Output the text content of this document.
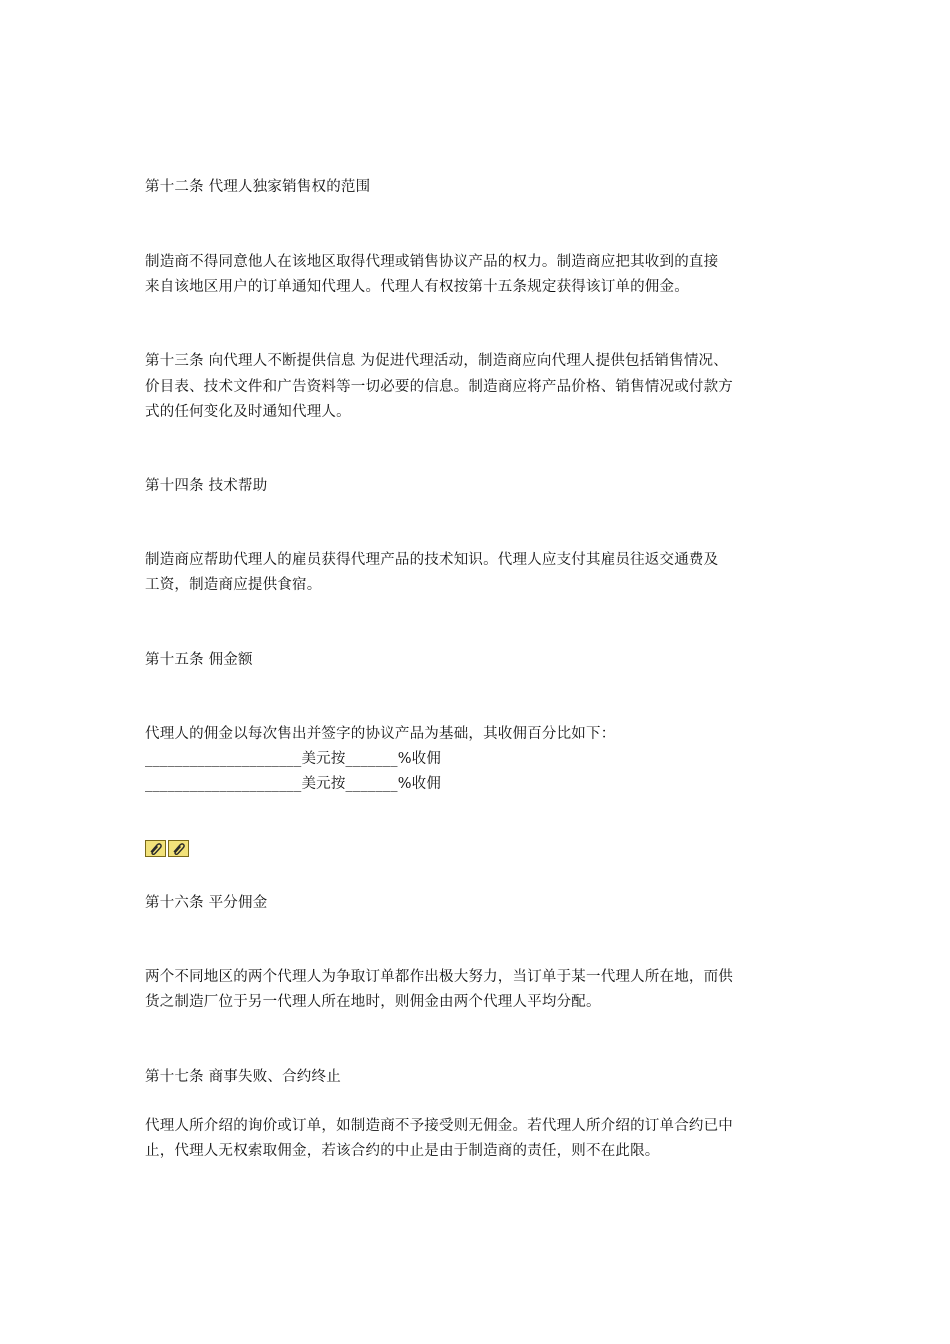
第十二条 代理人独家销售权的范围
制造商不得同意他人在该地区取得代理或销售协议产品的权力。制造商应把其收到的直接
来自该地区用户的订单通知代理人。代理人有权按第十五条规定获得该订单的佣金。
第十三条 向代理人不断提供信息 为促进代理活动，制造商应向代理人提供包括销售情况、
价目表、技术文件和广告资料等一切必要的信息。制造商应将产品价格、销售情况或付款方
式的任何变化及时通知代理人。
第十四条 技术帮助
制造商应帮助代理人的雇员获得代理产品的技术知识。代理人应支付其雇员往返交通费及
工资，制造商应提供食宿。
第十五条 佣金额
代理人的佣金以每次售出并签字的协议产品为基础，其收佣百分比如下：
_____________________美元按_______%收佣
_____________________美元按_______%收佣
第十六条 平分佣金
两个不同地区的两个代理人为争取订单都作出极大努力，当订单于某一代理人所在地，而供
货之制造厂位于另一代理人所在地时，则佣金由两个代理人平均分配。
第十七条 商事失败、合约终止
代理人所介绍的询价或订单，如制造商不予接受则无佣金。若代理人所介绍的订单合约已中
止，代理人无权索取佣金，若该合约的中止是由于制造商的责任，则不在此限。
